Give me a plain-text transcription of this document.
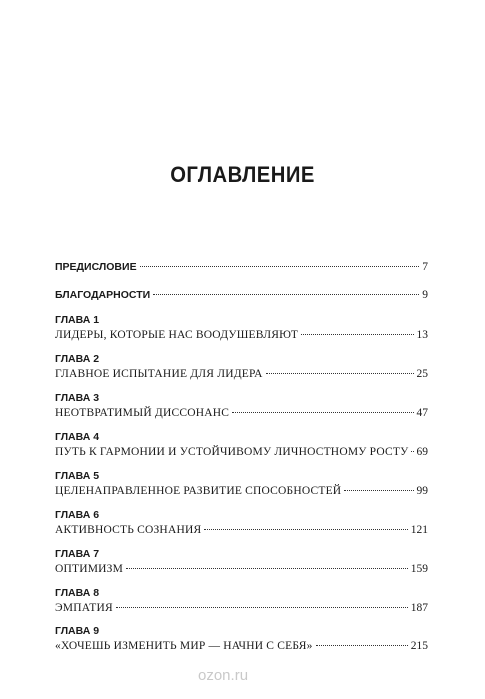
ОГЛАВЛЕНИЕ
ПРЕДИСЛОВИЕ	7
БЛАГОДАРНОСТИ	9
ГЛАВА 1
ЛИДЕРЫ, КОТОРЫЕ НАС ВООДУШЕВЛЯЮТ	13
ГЛАВА 2
ГЛАВНОЕ ИСПЫТАНИЕ ДЛЯ ЛИДЕРА	25
ГЛАВА 3
НЕОТВРАТИМЫЙ ДИССОНАНС	47
ГЛАВА 4
ПУТЬ К ГАРМОНИИ И УСТОЙЧИВОМУ ЛИЧНОСТНОМУ РОСТУ 69
ГЛАВА 5
ЦЕЛЕНАПРАВЛЕННОЕ РАЗВИТИЕ СПОСОБНОСТЕЙ	99
ГЛАВА 6
АКТИВНОСТЬ СОЗНАНИЯ	121
ГЛАВА 7
ОПТИМИЗМ	159
ГЛАВА 8
ЭМПАТИЯ	187
ГЛАВА 9
«ХОЧЕШЬ ИЗМЕНИТЬ МИР — НАЧНИ С СЕБЯ»	215
ozon.ru
